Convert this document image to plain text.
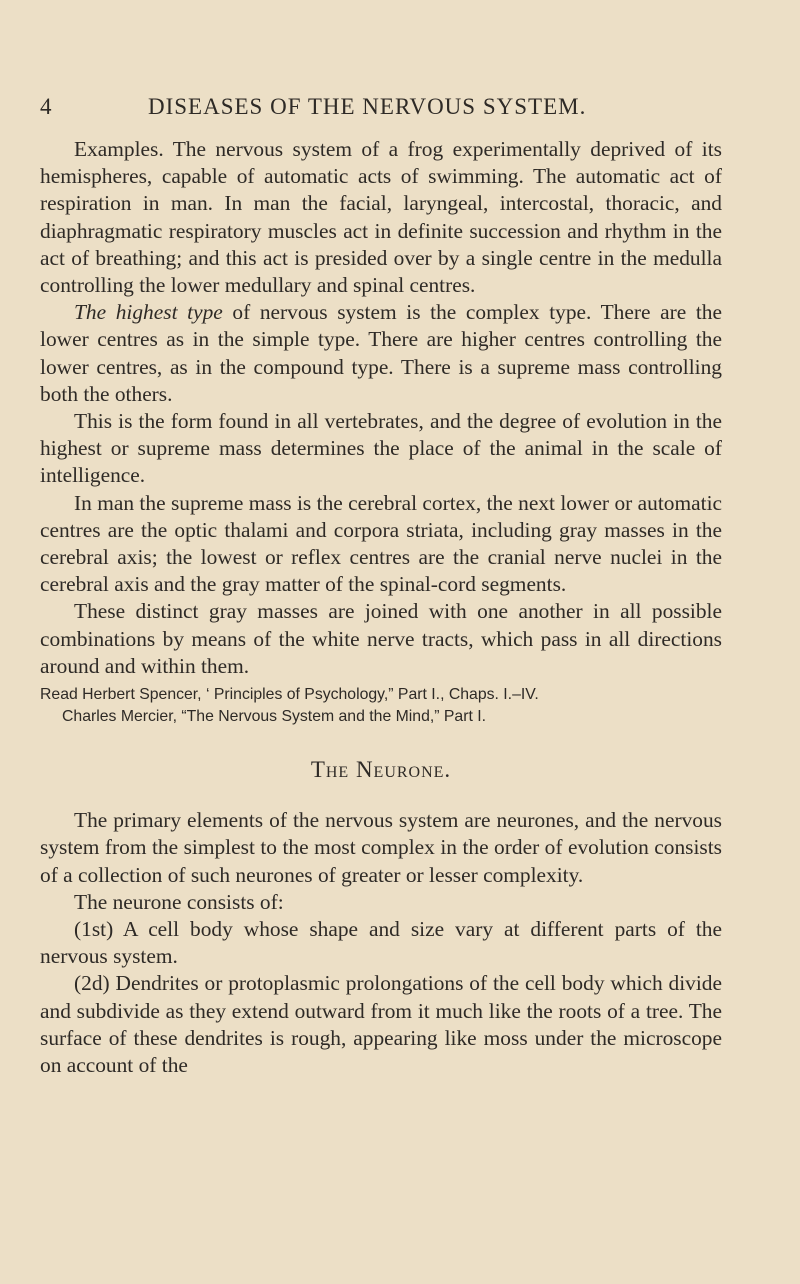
4	DISEASES OF THE NERVOUS SYSTEM.

Examples. The nervous system of a frog experimentally deprived of its hemispheres, capable of automatic acts of swimming. The automatic act of respiration in man. In man the facial, laryngeal, intercostal, thoracic, and diaphragmatic respiratory muscles act in definite succession and rhythm in the act of breathing; and this act is presided over by a single centre in the medulla controlling the lower medullary and spinal centres.

The highest type of nervous system is the complex type. There are the lower centres as in the simple type. There are higher centres controlling the lower centres, as in the compound type. There is a supreme mass controlling both the others.

This is the form found in all vertebrates, and the degree of evolution in the highest or supreme mass determines the place of the animal in the scale of intelligence.

In man the supreme mass is the cerebral cortex, the next lower or automatic centres are the optic thalami and corpora striata, including gray masses in the cerebral axis; the lowest or reflex centres are the cranial nerve nuclei in the cerebral axis and the gray matter of the spinal-cord segments.

These distinct gray masses are joined with one another in all possible combinations by means of the white nerve tracts, which pass in all directions around and within them.

Read Herbert Spencer, ‘ Principles of Psychology,” Part I., Chaps. I.–IV.
Charles Mercier, “The Nervous System and the Mind,” Part I.
The Neurone.

The primary elements of the nervous system are neurones, and the nervous system from the simplest to the most complex in the order of evolution consists of a collection of such neurones of greater or lesser complexity.

The neurone consists of:

(1st) A cell body whose shape and size vary at different parts of the nervous system.

(2d) Dendrites or protoplasmic prolongations of the cell body which divide and subdivide as they extend outward from it much like the roots of a tree. The surface of these dendrites is rough, appearing like moss under the microscope on account of the
